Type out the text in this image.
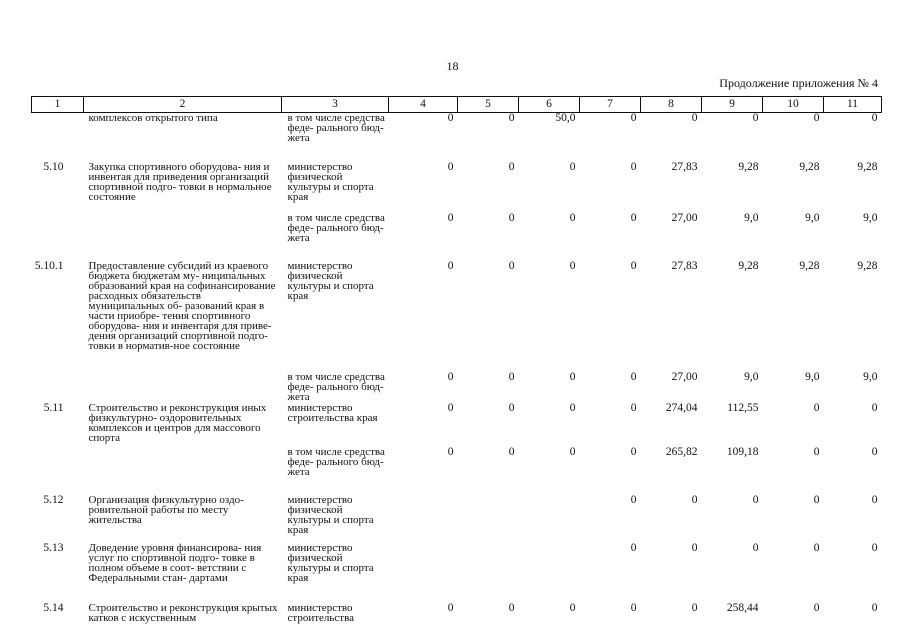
18
Продолжение приложения № 4
1	2	3	4	5	6	7	8	9	10	11
	комплексов открытого типа	в том числе средства феде- рального бюд- жета	0	0	50,0	0	0	0	0	0
5.10	Закупка спортивного оборудова- ния и инвентая для приведения организаций спортивной подго- товки в нормальное состояние	министерство физической культуры и спорта края	0	0	0	0	27,83	9,28	9,28	9,28
		в том числе средства феде- рального бюд- жета	0	0	0	0	27,00	9,0	9,0	9,0
5.10.1	Предоставление субсидий из краевого бюджета бюджетам му- ниципальных образований края на софинансирование расходных обязательств муниципальных об- разований края в части приобре- тения спортивного оборудова- ния и инвентаря для приве-дения организаций спортивной подго- товки в норматив-ное состояние	министерство физической культуры и спорта края	0	0	0	0	27,83	9,28	9,28	9,28
		в том числе средства феде- рального бюд- жета	0	0	0	0	27,00	9,0	9,0	9,0
5.11	Строительство и реконструкция иных физкультурно- оздоровительных комплексов и центров для массового спорта	министерство строительства края	0	0	0	0	274,04	112,55	0	0
		в том числе средства феде- рального бюд- жета	0	0	0	0	265,82	109,18	0	0
5.12	Организация физкультурно оздо- ровительной работы по месту жительства	министерство физической культуры и спорта края				0	0	0	0	0
5.13	Доведение уровня финансирова- ния услуг по спортивной подго- товке в полном объеме в соот- ветствии с Федеральными стан- дартами	министерство физической культуры и спорта края				0	0	0	0	0
5.14	Строительство и реконструкция крытых катков с искуственным	министерство строительства	0	0	0	0	0	258,44	0	0
